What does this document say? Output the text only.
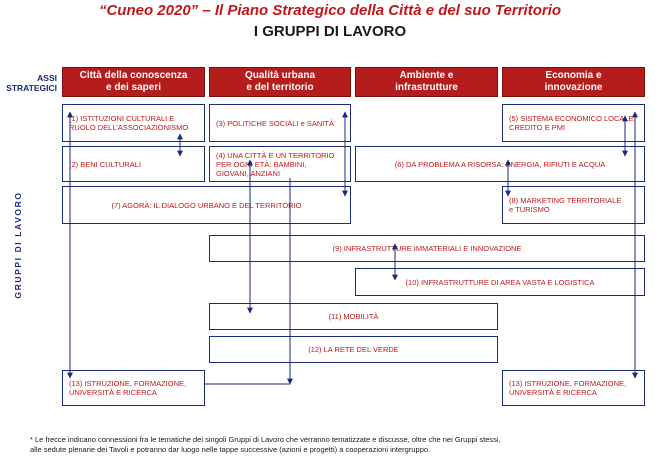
“Cuneo 2020” – Il Piano Strategico della Città e del suo Territorio
I GRUPPI DI LAVORO
ASSI
STRATEGICI
Città della conoscenza
e dei saperi
Qualità urbana
e del territorio
Ambiente e
infrastrutture
Economia e
innovazione
GRUPPI DI LAVORO
(1) ISTITUZIONI CULTURALI E
RUOLO DELL’ASSOCIAZIONISMO
(2) BENI CULTURALI
(3) POLITICHE SOCIALI e SANITÀ
(4) UNA CITTÀ E UN TERRITORIO
PER OGNI ETÀ: BAMBINI,
GIOVANI, ANZIANI
(5) SISTEMA ECONOMICO LOCALE,
CREDITO E PMI
(6) DA PROBLEMA A RISORSA: ENERGIA, RIFIUTI E ACQUA
(7) AGORÀ: IL DIALOGO URBANO E DEL TERRITORIO	(8) MARKETING TERRITORIALE
e TURISMO
(9) INFRASTRUTTURE IMMATERIALI E INNOVAZIONE
(10) INFRASTRUTTURE DI AREA VASTA E LOGISTICA
(11) MOBILITÀ
(12) LA RETE DEL VERDE
(13) ISTRUZIONE, FORMAZIONE,
UNIVERSITÀ E RICERCA
(13) ISTRUZIONE, FORMAZIONE,
UNIVERSITÀ E RICERCA
* Le frecce indicano connessioni fra le tematiche dei singoli Gruppi di Lavoro che verranno tematizzate e discusse, oltre che nei Gruppi stessi,
alle sedute plenarie dei Tavoli e potranno dar luogo nelle tappe successive (azioni e progetti) a cooperazioni intergruppo.
